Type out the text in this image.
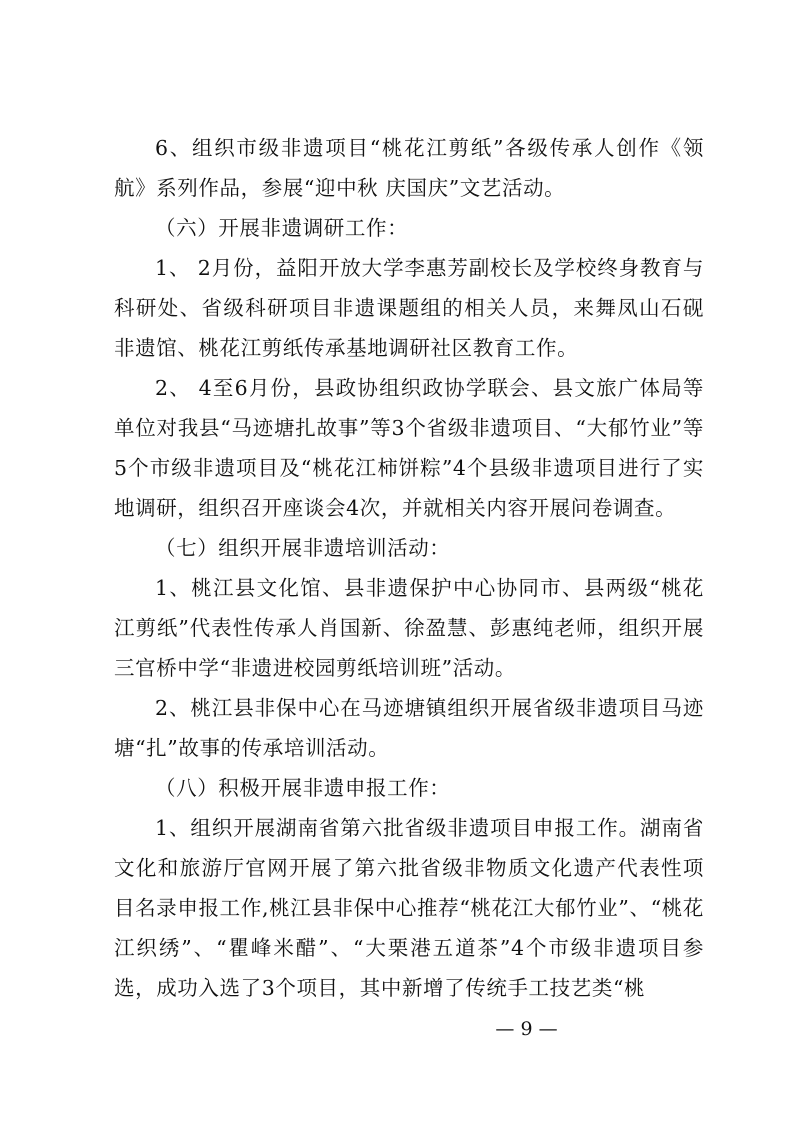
6、组织市级非遗项目“桃花江剪纸”各级传承人创作《领航》系列作品，参展“迎中秋 庆国庆”文艺活动。

（六）开展非遗调研工作：

1、 2月份，益阳开放大学李惠芳副校长及学校终身教育与科研处、省级科研项目非遗课题组的相关人员，来舞凤山石砚非遗馆、桃花江剪纸传承基地调研社区教育工作。

2、 4至6月份，县政协组织政协学联会、县文旅广体局等单位对我县“马迹塘扎故事”等3个省级非遗项目、“大郁竹业”等5个市级非遗项目及“桃花江柿饼粽”4个县级非遗项目进行了实地调研，组织召开座谈会4次，并就相关内容开展问卷调查。

（七）组织开展非遗培训活动：

1、桃江县文化馆、县非遗保护中心协同市、县两级“桃花江剪纸”代表性传承人肖国新、徐盈慧、彭惠纯老师，组织开展三官桥中学“非遗进校园剪纸培训班”活动。

2、桃江县非保中心在马迹塘镇组织开展省级非遗项目马迹塘“扎”故事的传承培训活动。

（八）积极开展非遗申报工作：

1、组织开展湖南省第六批省级非遗项目申报工作。湖南省文化和旅游厅官网开展了第六批省级非物质文化遗产代表性项目名录申报工作,桃江县非保中心推荐“桃花江大郁竹业”、“桃花江织绣”、“瞿峰米醋”、“大栗港五道茶”4个市级非遗项目参选，成功入选了3个项目，其中新增了传统手工技艺类“桃

— 9 —
